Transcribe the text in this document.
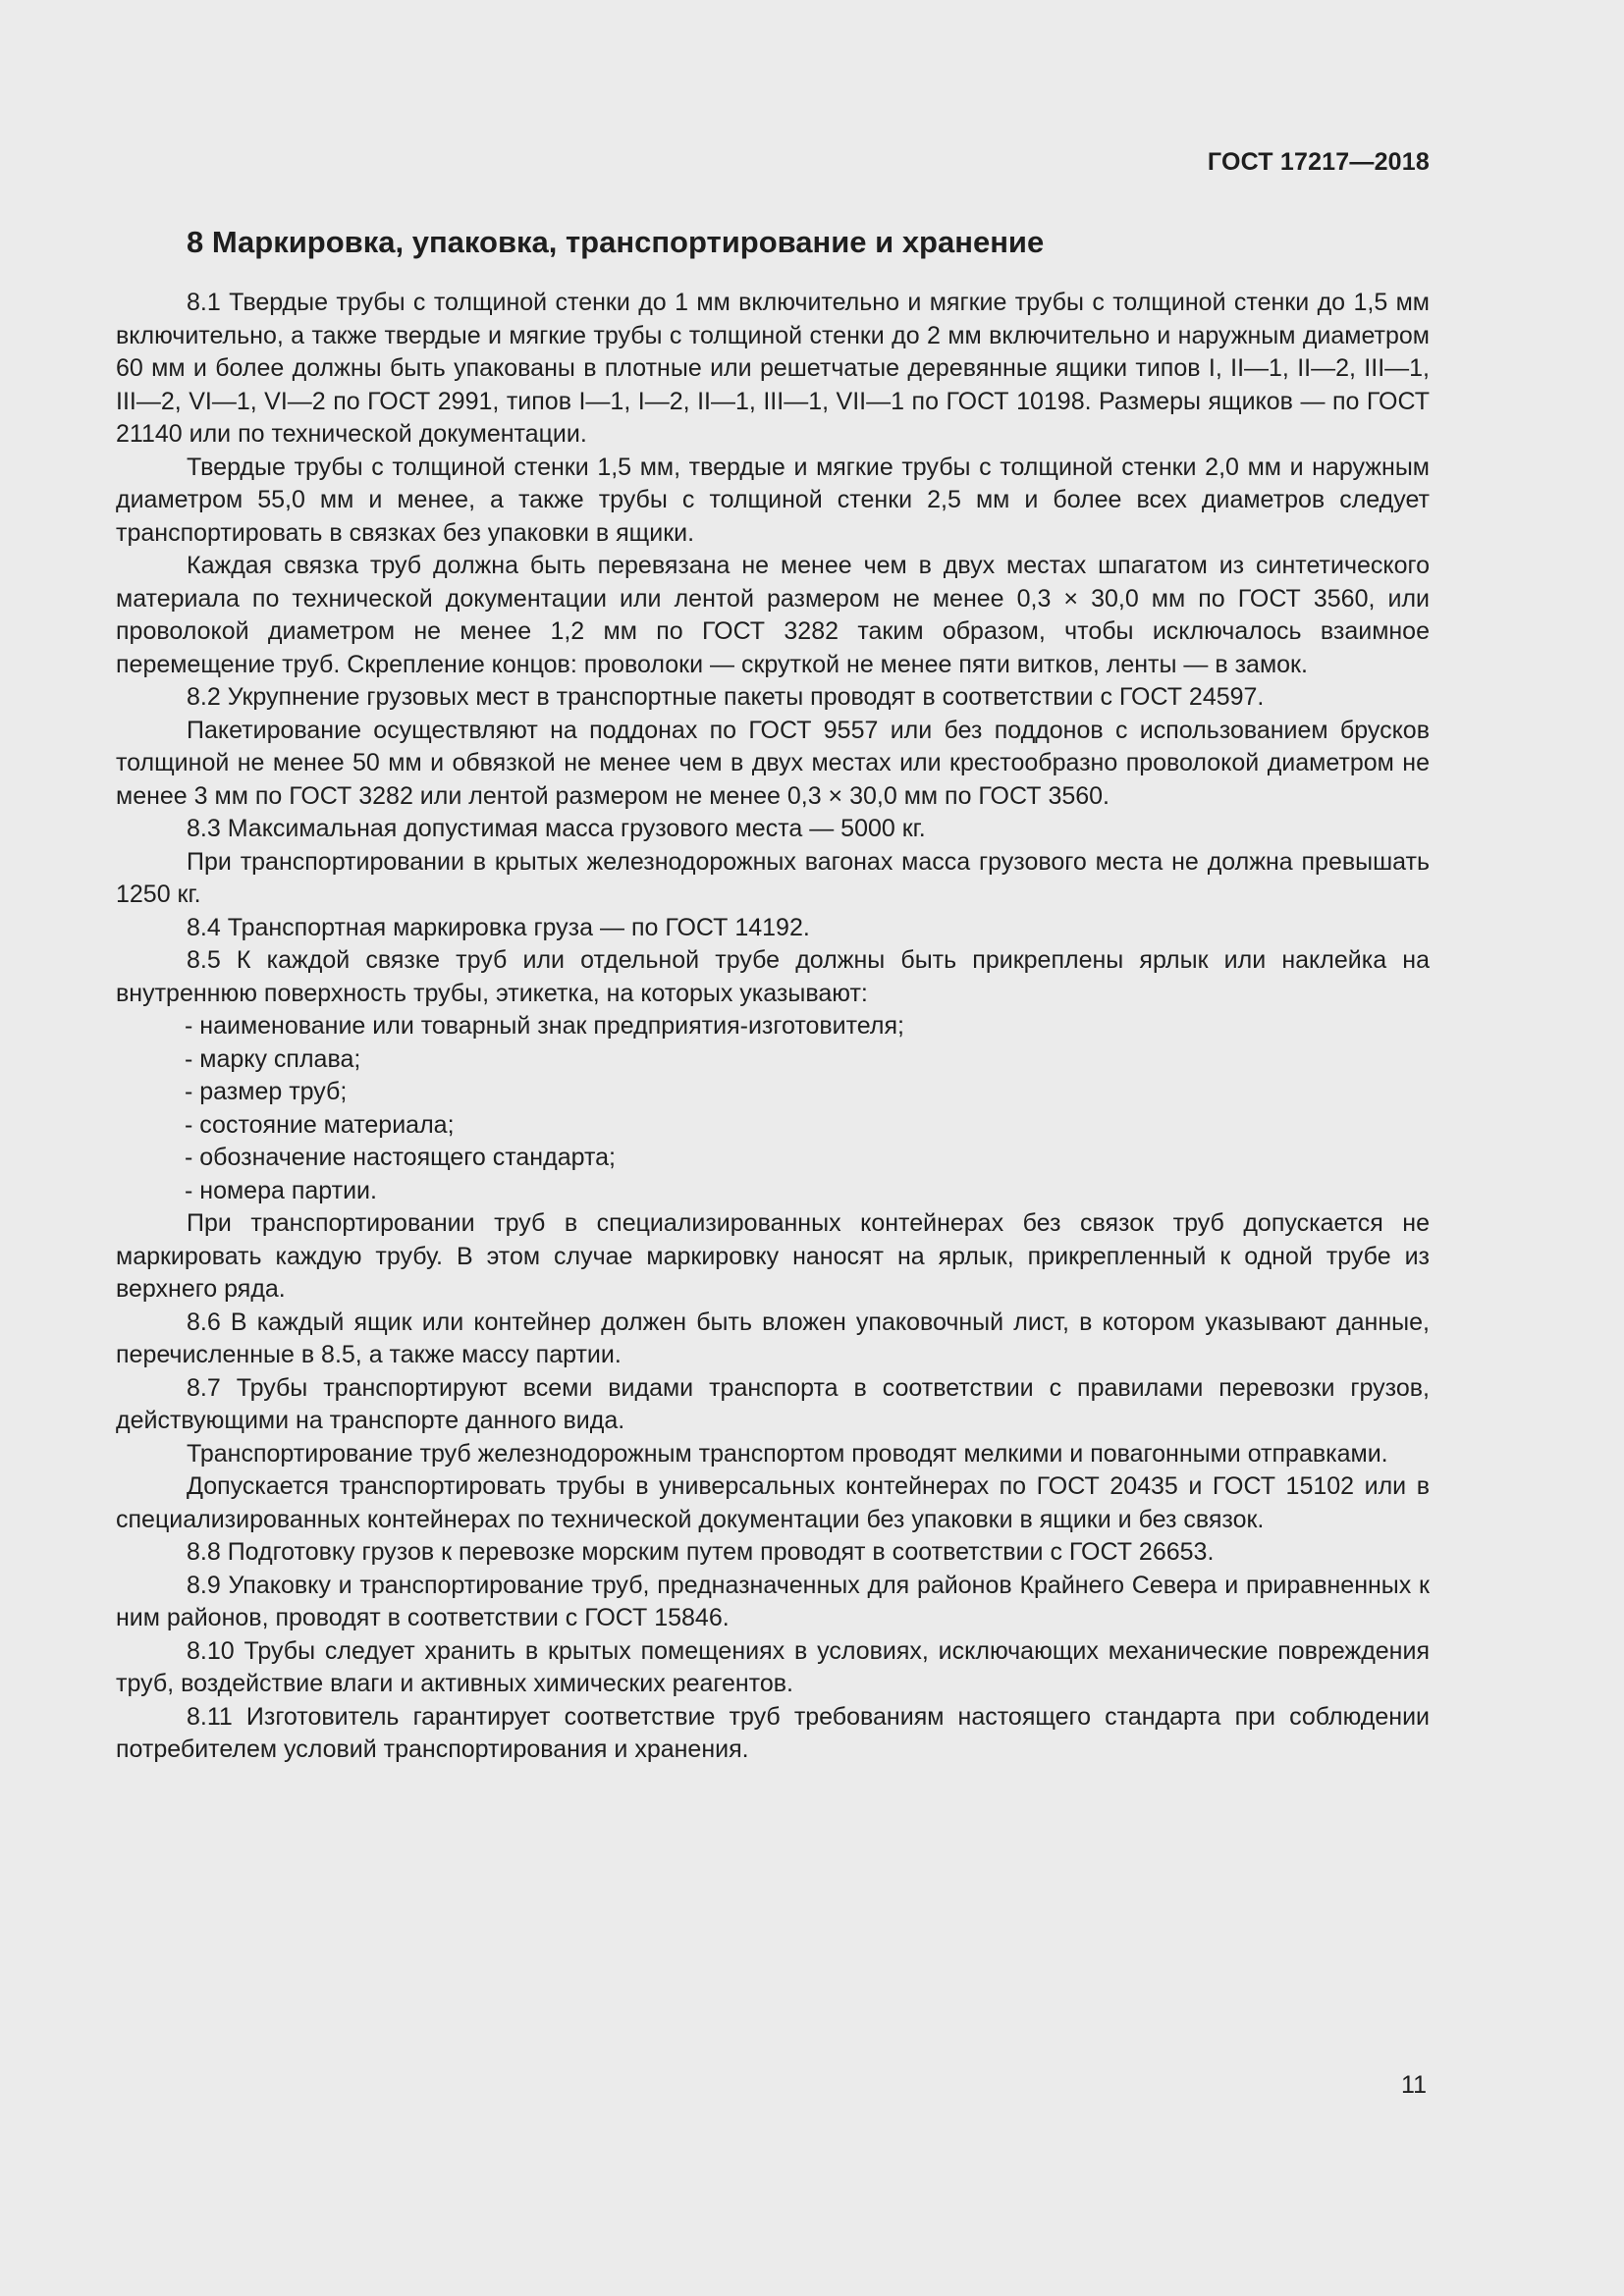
ГОСТ 17217—2018
8 Маркировка, упаковка, транспортирование и хранение

8.1 Твердые трубы с толщиной стенки до 1 мм включительно и мягкие трубы с толщиной стенки до 1,5 мм включительно, а также твердые и мягкие трубы с толщиной стенки до 2 мм включительно и наружным диаметром 60 мм и более должны быть упакованы в плотные или решетчатые деревянные ящики типов I, II—1, II—2, III—1, III—2, VI—1, VI—2 по ГОСТ 2991, типов I—1, I—2, II—1, III—1, VII—1 по ГОСТ 10198. Размеры ящиков — по ГОСТ 21140 или по технической документации.

Твердые трубы с толщиной стенки 1,5 мм, твердые и мягкие трубы с толщиной стенки 2,0 мм и наружным диаметром 55,0 мм и менее, а также трубы с толщиной стенки 2,5 мм и более всех диаметров следует транспортировать в связках без упаковки в ящики.

Каждая связка труб должна быть перевязана не менее чем в двух местах шпагатом из синтетического материала по технической документации или лентой размером не менее 0,3 × 30,0 мм по ГОСТ 3560, или проволокой диаметром не менее 1,2 мм по ГОСТ 3282 таким образом, чтобы исключалось взаимное перемещение труб. Скрепление концов: проволоки — скруткой не менее пяти витков, ленты — в замок.

8.2 Укрупнение грузовых мест в транспортные пакеты проводят в соответствии с ГОСТ 24597.

Пакетирование осуществляют на поддонах по ГОСТ 9557 или без поддонов с использованием брусков толщиной не менее 50 мм и обвязкой не менее чем в двух местах или крестообразно проволокой диаметром не менее 3 мм по ГОСТ 3282 или лентой размером не менее 0,3 × 30,0 мм по ГОСТ 3560.

8.3 Максимальная допустимая масса грузового места — 5000 кг.

При транспортировании в крытых железнодорожных вагонах масса грузового места не должна превышать 1250 кг.

8.4 Транспортная маркировка груза — по ГОСТ 14192.

8.5 К каждой связке труб или отдельной трубе должны быть прикреплены ярлык или наклейка на внутреннюю поверхность трубы, этикетка, на которых указывают:

- наименование или товарный знак предприятия-изготовителя;

- марку сплава;

- размер труб;

- состояние материала;

- обозначение настоящего стандарта;

- номера партии.

При транспортировании труб в специализированных контейнерах без связок труб допускается не маркировать каждую трубу. В этом случае маркировку наносят на ярлык, прикрепленный к одной трубе из верхнего ряда.

8.6 В каждый ящик или контейнер должен быть вложен упаковочный лист, в котором указывают данные, перечисленные в 8.5, а также массу партии.

8.7 Трубы транспортируют всеми видами транспорта в соответствии с правилами перевозки грузов, действующими на транспорте данного вида.

Транспортирование труб железнодорожным транспортом проводят мелкими и повагонными отправками.

Допускается транспортировать трубы в универсальных контейнерах по ГОСТ 20435 и ГОСТ 15102 или в специализированных контейнерах по технической документации без упаковки в ящики и без связок.

8.8 Подготовку грузов к перевозке морским путем проводят в соответствии с ГОСТ 26653.

8.9 Упаковку и транспортирование труб, предназначенных для районов Крайнего Севера и приравненных к ним районов, проводят в соответствии с ГОСТ 15846.

8.10 Трубы следует хранить в крытых помещениях в условиях, исключающих механические повреждения труб, воздействие влаги и активных химических реагентов.

8.11 Изготовитель гарантирует соответствие труб требованиям настоящего стандарта при соблюдении потребителем условий транспортирования и хранения.

11
